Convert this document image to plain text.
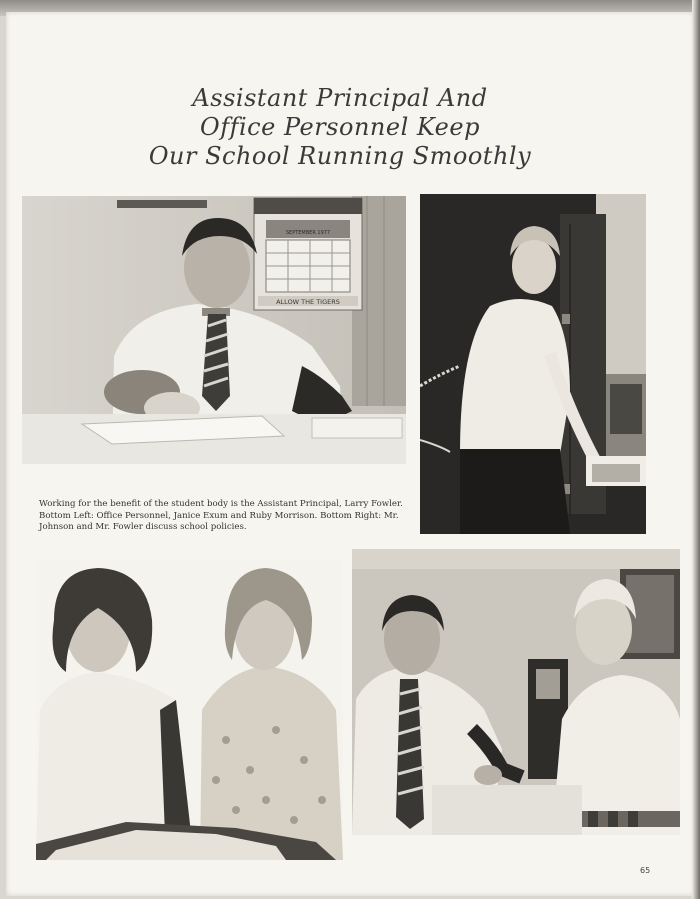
Assistant Principal And
Office Personnel Keep
Our School Running Smoothly
ALLOW THE TIGERS
SEPTEMBER 1977
Working for the benefit of the student body is the Assistant Principal, Larry Fowler. Bottom Left: Office Personnel, Janice Exum and Ruby Morrison. Bottom Right: Mr. Johnson and Mr. Fowler discuss school policies.
65
